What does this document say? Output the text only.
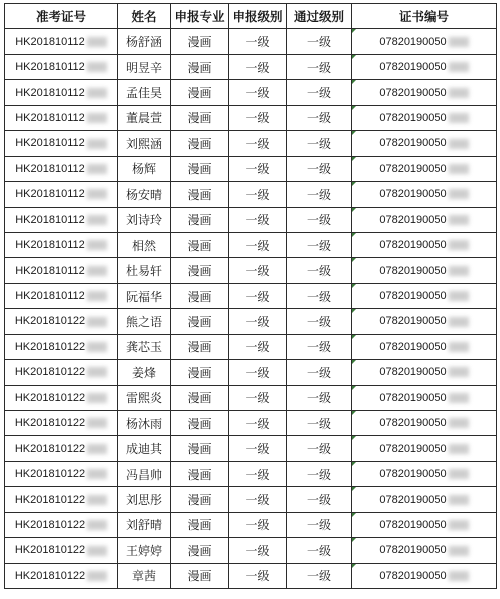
准考证号	姓名	申报专业	申报级别	通过级别	证书编号
HK201810112	杨舒涵	漫画	一级	一级	07820190050

HK201810112	明昱辛	漫画	一级	一级	07820190050

HK201810112	孟佳昊	漫画	一级	一级	07820190050

HK201810112	董晨萱	漫画	一级	一级	07820190050

HK201810112	刘熙涵	漫画	一级	一级	07820190050

HK201810112	杨辉	漫画	一级	一级	07820190050

HK201810112	杨安晴	漫画	一级	一级	07820190050

HK201810112	刘诗玲	漫画	一级	一级	07820190050

HK201810112	相然	漫画	一级	一级	07820190050

HK201810112	杜易轩	漫画	一级	一级	07820190050

HK201810112	阮福华	漫画	一级	一级	07820190050

HK201810122	熊之语	漫画	一级	一级	07820190050

HK201810122	龚芯玉	漫画	一级	一级	07820190050

HK201810122	姜烽	漫画	一级	一级	07820190050

HK201810122	雷熙炎	漫画	一级	一级	07820190050

HK201810122	杨沐雨	漫画	一级	一级	07820190050

HK201810122	成迪其	漫画	一级	一级	07820190050

HK201810122	冯昌帅	漫画	一级	一级	07820190050

HK201810122	刘思彤	漫画	一级	一级	07820190050

HK201810122	刘舒晴	漫画	一级	一级	07820190050

HK201810122	王婷婷	漫画	一级	一级	07820190050

HK201810122	章茜	漫画	一级	一级	07820190050
